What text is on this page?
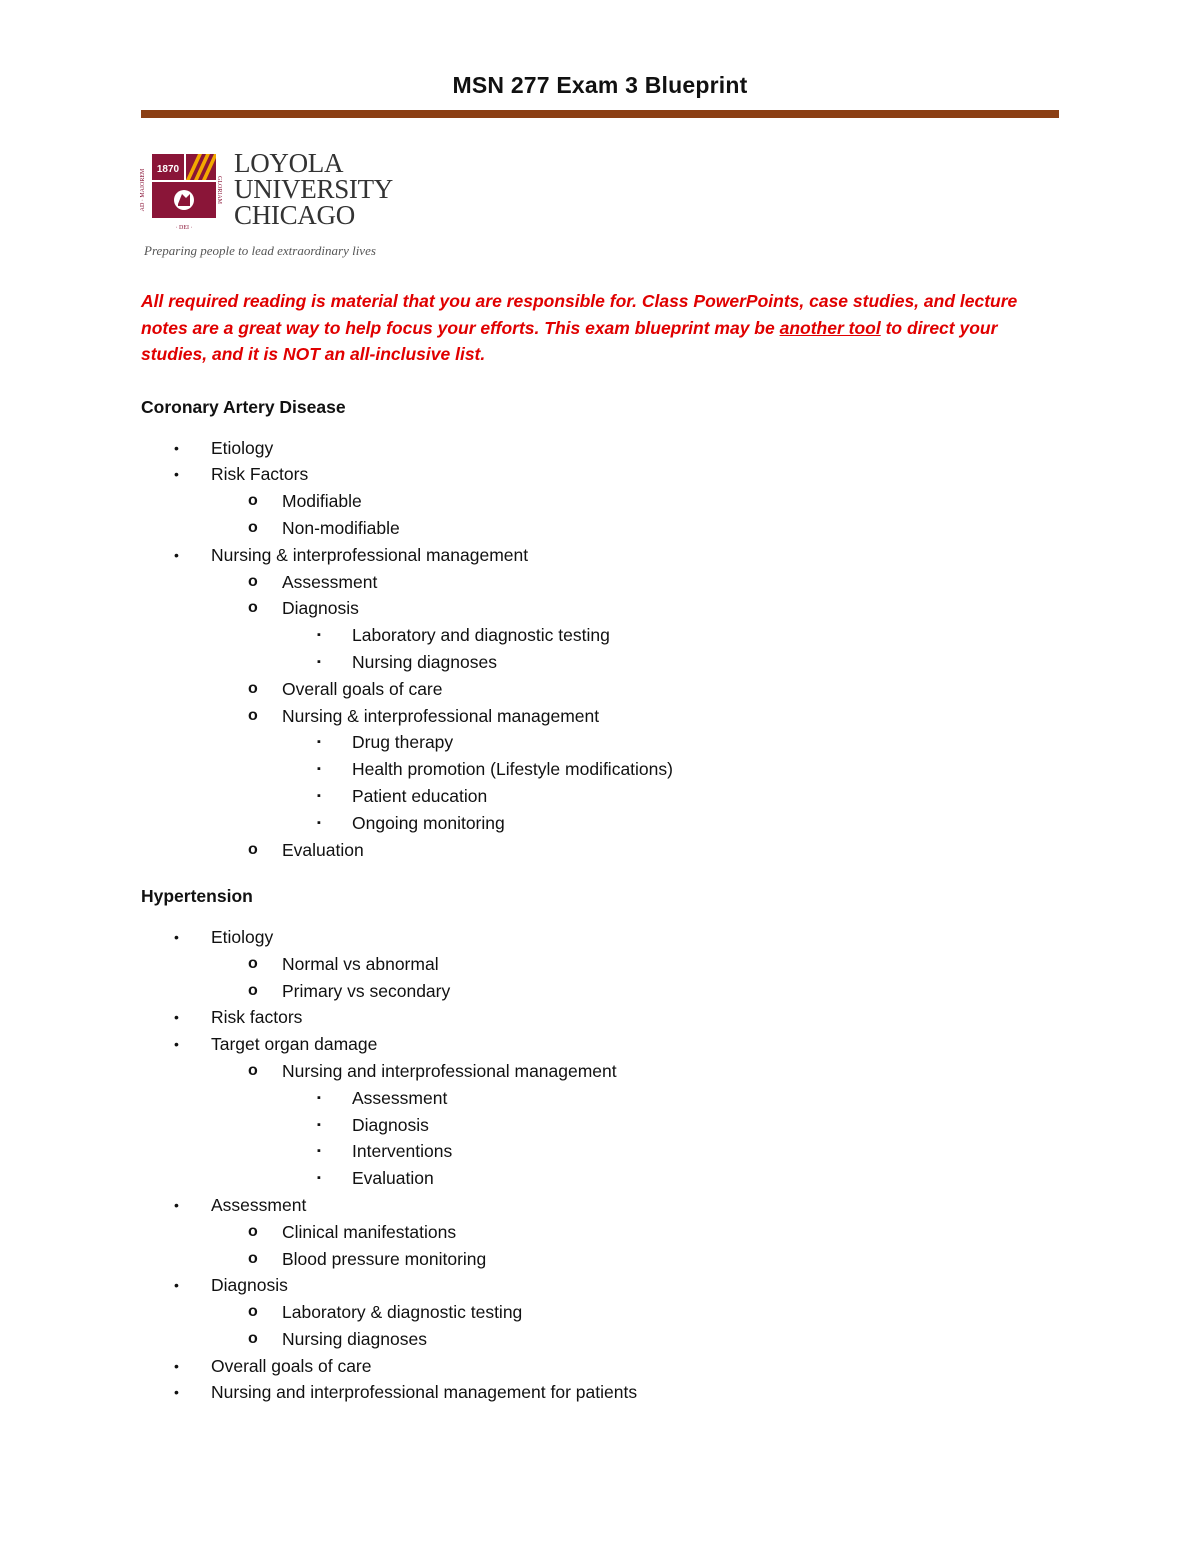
MSN 277 Exam 3 Blueprint
1870
AD · MAIOREM	GLORIAM
· DEI ·
LOYOLA
UNIVERSITY
CHICAGO
Preparing people to lead extraordinary lives
All required reading is material that you are responsible for. Class PowerPoints, case studies, and lecture notes are a great way to help focus your efforts. This exam blueprint may be another tool to direct your studies, and it is NOT an all-inclusive list.
Coronary Artery Disease
• Etiology
• Risk Factors
o Modifiable
o Non-modifiable
• Nursing & interprofessional management
o Assessment
o Diagnosis
▪ Laboratory and diagnostic testing
▪ Nursing diagnoses
o Overall goals of care
o Nursing & interprofessional management
▪ Drug therapy
▪ Health promotion (Lifestyle modifications)
▪ Patient education
▪ Ongoing monitoring
o Evaluation
Hypertension
• Etiology
o Normal vs abnormal
o Primary vs secondary
• Risk factors
• Target organ damage
o Nursing and interprofessional management
▪ Assessment
▪ Diagnosis
▪ Interventions
▪ Evaluation
• Assessment
o Clinical manifestations
o Blood pressure monitoring
• Diagnosis
o Laboratory & diagnostic testing
o Nursing diagnoses
• Overall goals of care
• Nursing and interprofessional management for patients
